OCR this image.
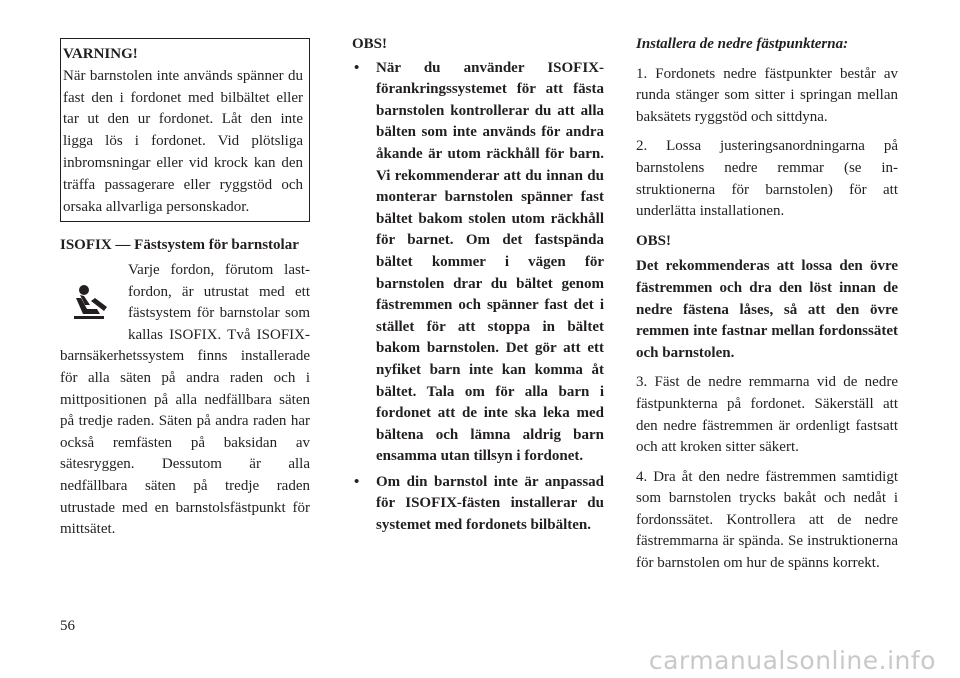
VARNING!

När barnstolen inte används spänner du fast den i fordonet med bilbältet eller tar ut den ur fordonet. Låt den inte ligga lös i fordonet. Vid plötsliga inbromsningar eller vid krock kan den träffa passagerare eller ryggstöd och orsaka allvarliga personskador.

ISOFIX — Fästsystem för barnstolar

Varje fordon, förutom lastfordon, är utrustat med ett fästsystem för barnstolar som kallas ISOFIX. Två ISOFIX-barnsäkerhetssystem finns installerade för alla säten på andra raden och i mittpositionen på alla nedfällbara säten på tredje raden. Säten på andra raden har också remfästen på baksidan av sätesryggen. Dessutom är alla nedfällbara säten på tredje raden utrustade med en barnstolsfästpunkt för mittsätet.

OBS!

• När du använder ISOFIX-förankringssystemet för att fästa barnstolen kontrollerar du att alla bälten som inte används för andra åkande är utom räckhåll för barn. Vi rekommenderar att du innan du monterar barnstolen spänner fast bältet bakom stolen utom räckhåll för barnet. Om det fastspända bältet kommer i vägen för barnstolen drar du bältet genom fästremmen och spänner fast det i stället för att stoppa in bältet bakom barnstolen. Det gör att ett nyfiket barn inte kan komma åt bältet. Tala om för alla barn i fordonet att de inte ska leka med bältena och lämna aldrig barn ensamma utan tillsyn i fordonet.
• Om din barnstol inte är anpassad för ISOFIX-fästen installerar du systemet med fordonets bilbälten.

Installera de nedre fästpunkterna:

1. Fordonets nedre fästpunkter består av runda stänger som sitter i springan mellan baksätets ryggstöd och sittdyna.

2. Lossa justeringsanordningarna på barnstolens nedre remmar (se instruktionerna för barnstolen) för att underlätta installationen.

OBS!

Det rekommenderas att lossa den övre fästremmen och dra den löst innan de nedre fästena låses, så att den övre remmen inte fastnar mellan fordonssätet och barnstolen.

3. Fäst de nedre remmarna vid de nedre fästpunkterna på fordonet. Säkerställ att den nedre fästremmen är ordenligt fastsatt och att kroken sitter säkert.

4. Dra åt den nedre fästremmen samtidigt som barnstolen trycks bakåt och nedåt i fordonssätet. Kontrollera att de nedre fästremmarna är spända. Se instruktionerna för barnstolen om hur de spänns korrekt.

56
carmanualsonline.info
